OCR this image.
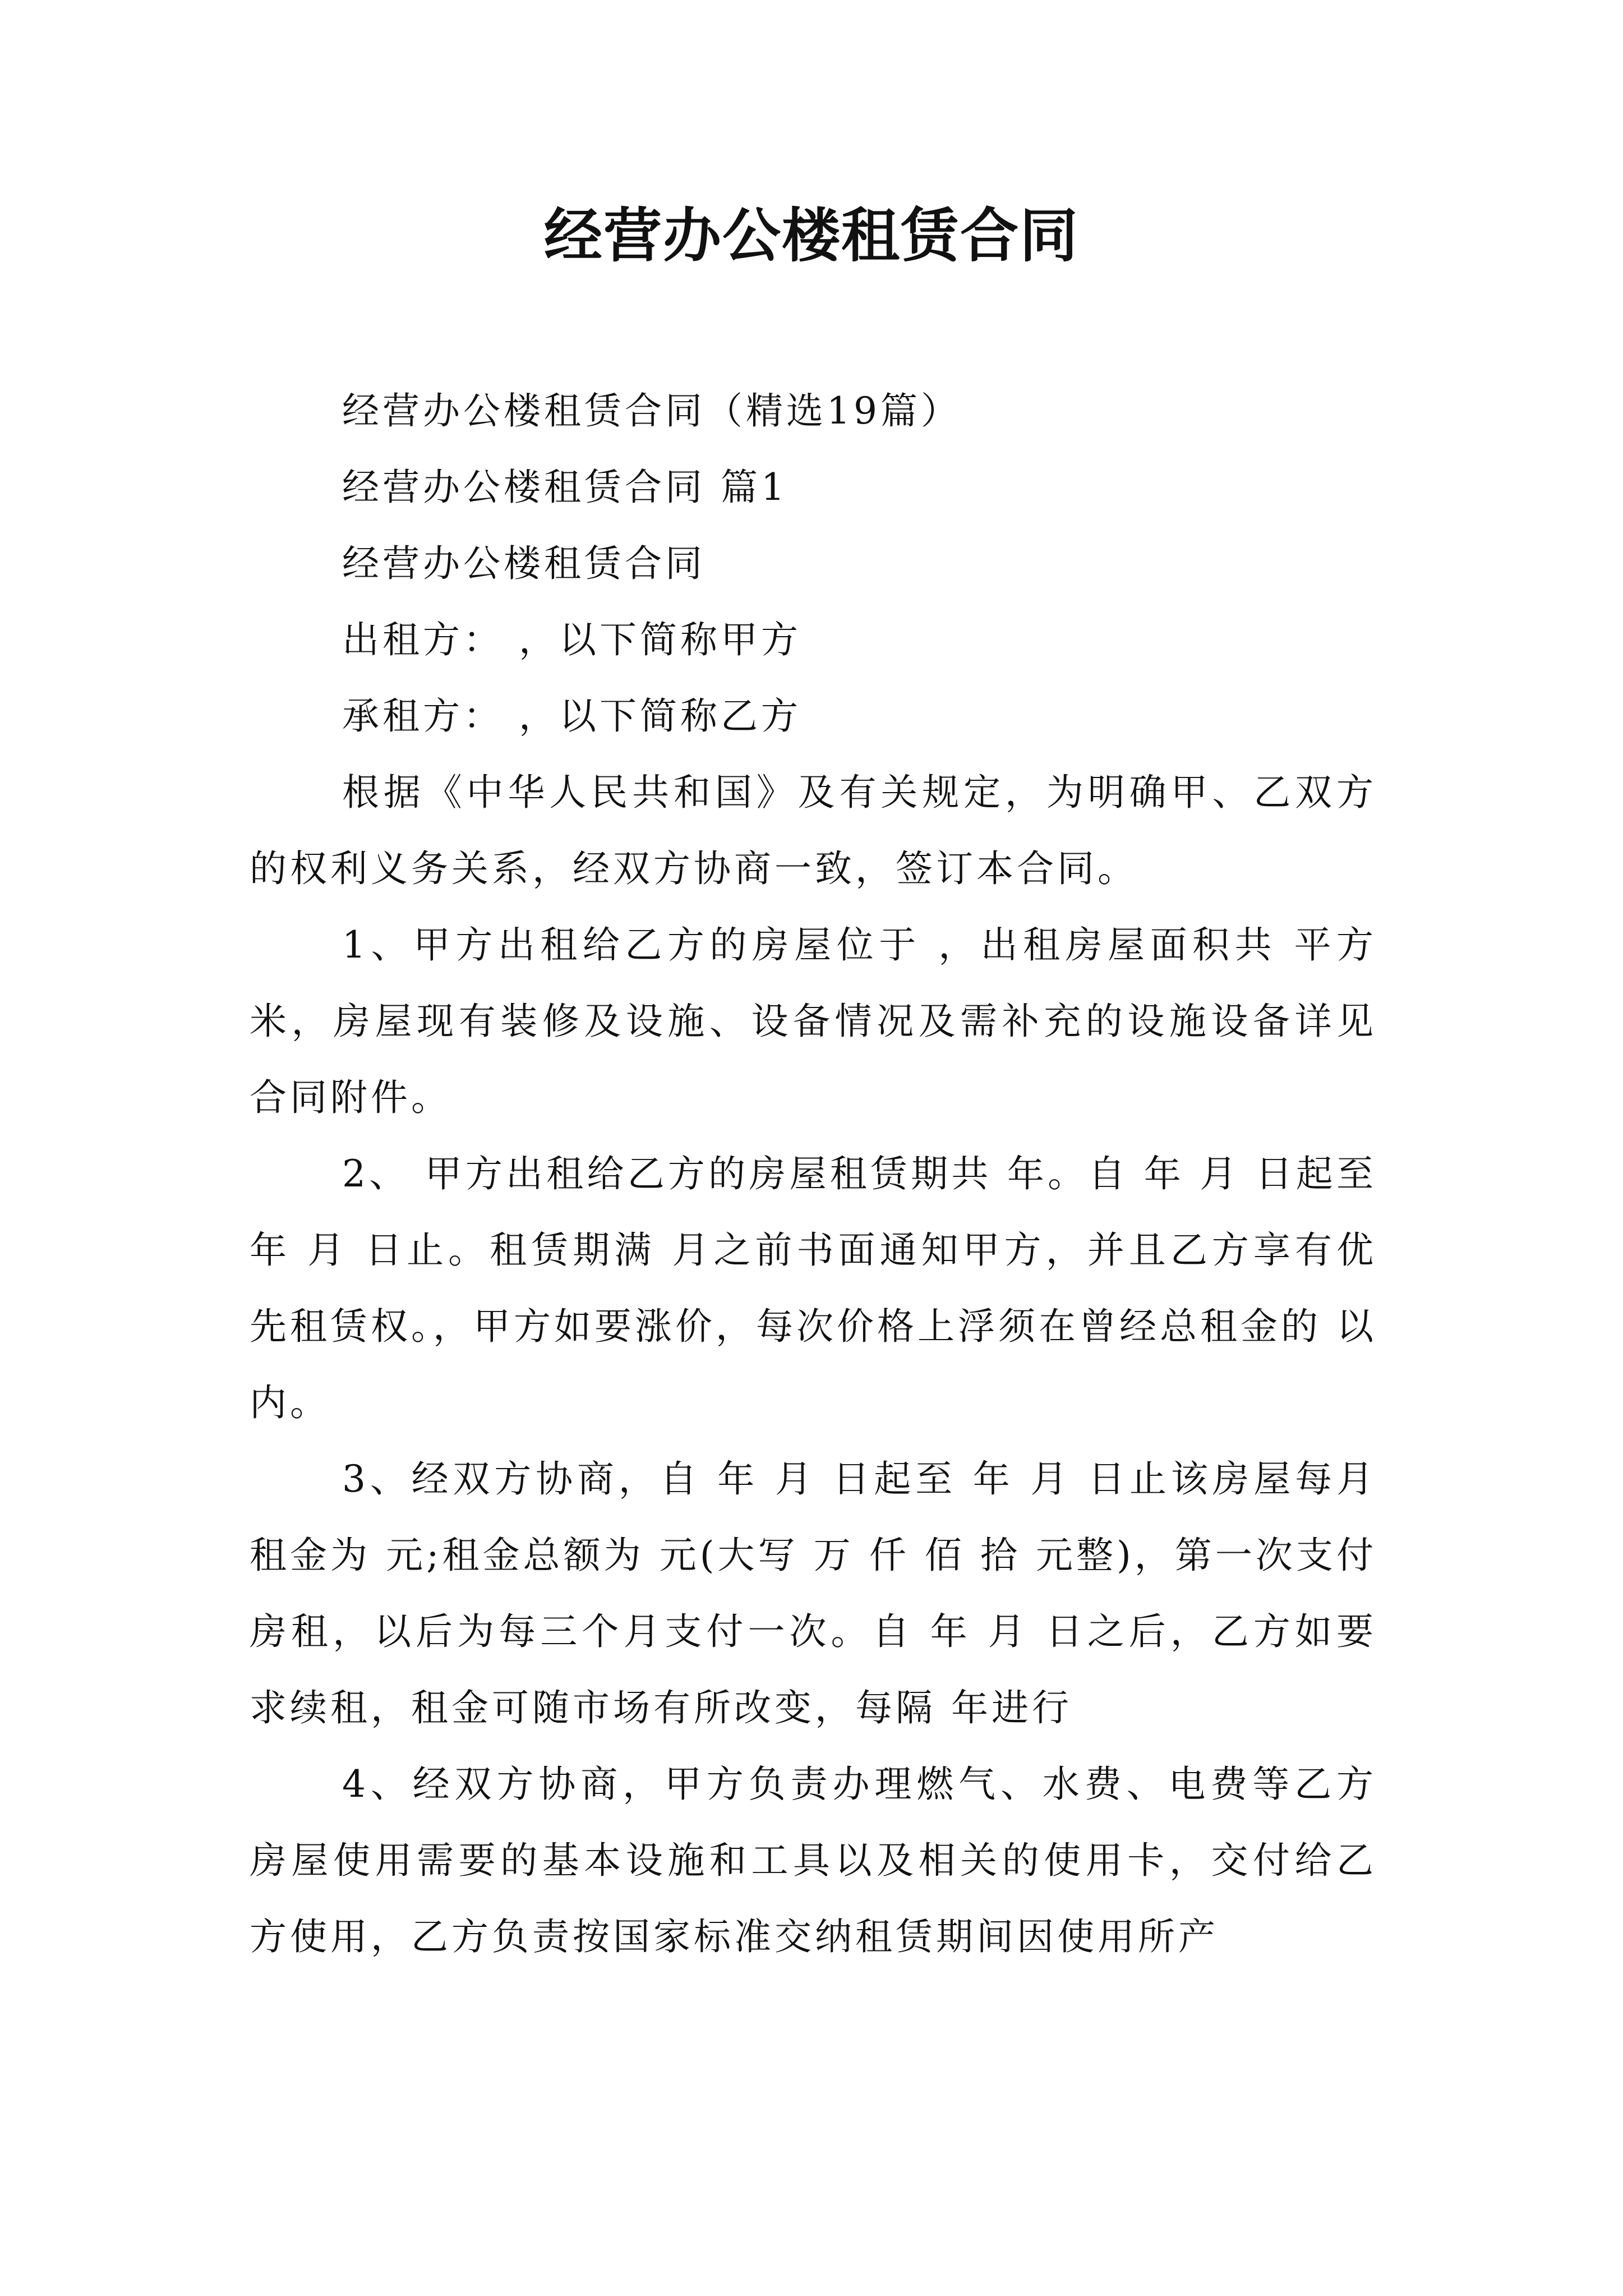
经营办公楼租赁合同

经营办公楼租赁合同（精选19篇）

经营办公楼租赁合同 篇1

经营办公楼租赁合同

出租方： ，以下简称甲方

承租方： ，以下简称乙方

根据《中华人民共和国》及有关规定，为明确甲、乙双方的权利义务关系，经双方协商一致，签订本合同。

1、甲方出租给乙方的房屋位于 ，出租房屋面积共 平方米，房屋现有装修及设施、设备情况及需补充的设施设备详见合同附件。

2、 甲方出租给乙方的房屋租赁期共 年。自 年 月 日起至 年 月 日止。租赁期满 月之前书面通知甲方，并且乙方享有优先租赁权。，甲方如要涨价，每次价格上浮须在曾经总租金的 以内。

3、经双方协商，自 年 月 日起至 年 月 日止该房屋每月租金为 元;租金总额为 元(大写 万 仟 佰 拾 元整)，第一次支付 房租，以后为每三个月支付一次。自 年 月 日之后，乙方如要求续租，租金可随市场有所改变，每隔 年进行

4、经双方协商，甲方负责办理燃气、水费、电费等乙方房屋使用需要的基本设施和工具以及相关的使用卡，交付给乙方使用，乙方负责按国家标准交纳租赁期间因使用所产
